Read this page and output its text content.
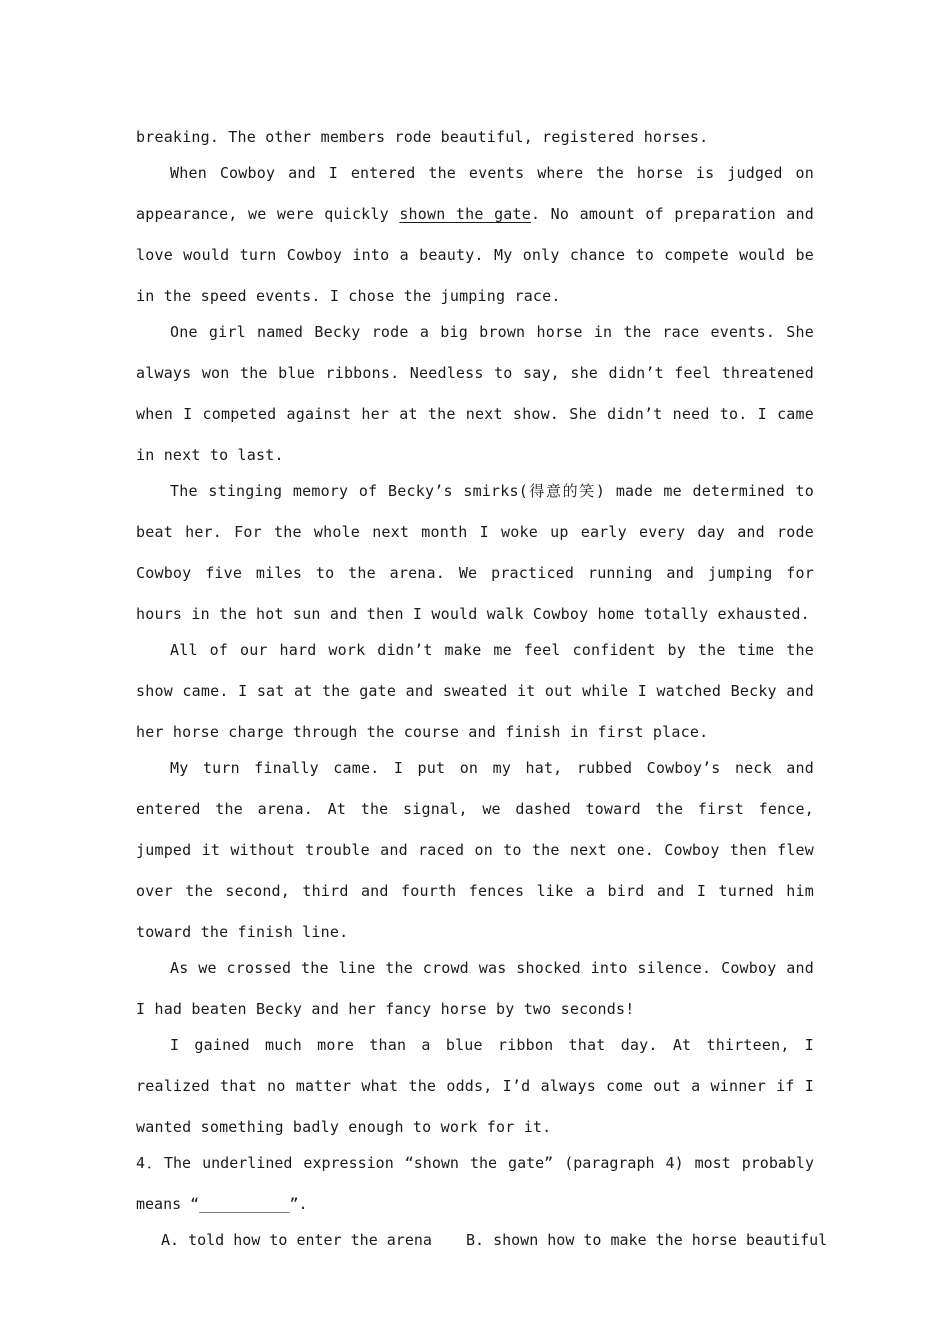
breaking. The other members rode beautiful, registered horses.

When Cowboy and I entered the events where the horse is judged on appearance, we were quickly shown the gate. No amount of preparation and love would turn Cowboy into a beauty. My only chance to compete would be in the speed events. I chose the jumping race.

One girl named Becky rode a big brown horse in the race events. She always won the blue ribbons. Needless to say, she didn’t feel threatened when I competed against her at the next show. She didn’t need to. I came in next to last.

The stinging memory of Becky’s smirks(得意的笑) made me determined to beat her. For the whole next month I woke up early every day and rode Cowboy five miles to the arena. We practiced running and jumping for hours in the hot sun and then I would walk Cowboy home totally exhausted.

All of our hard work didn’t make me feel confident by the time the show came. I sat at the gate and sweated it out while I watched Becky and her horse charge through the course and finish in first place.

My turn finally came. I put on my hat, rubbed Cowboy’s neck and entered the arena. At the signal, we dashed toward the first fence, jumped it without trouble and raced on to the next one. Cowboy then flew over the second, third and fourth fences like a bird and I turned him toward the finish line.

As we crossed the line the crowd was shocked into silence. Cowboy and I had beaten Becky and her fancy horse by two seconds!

I gained much more than a blue ribbon that day. At thirteen, I realized that no matter what the odds, I’d always come out a winner if I wanted something badly enough to work for it.

4．The underlined expression “shown the gate” (paragraph 4) most probably means “__________”.

A. told how to enter the arena B. shown how to make the horse beautiful
